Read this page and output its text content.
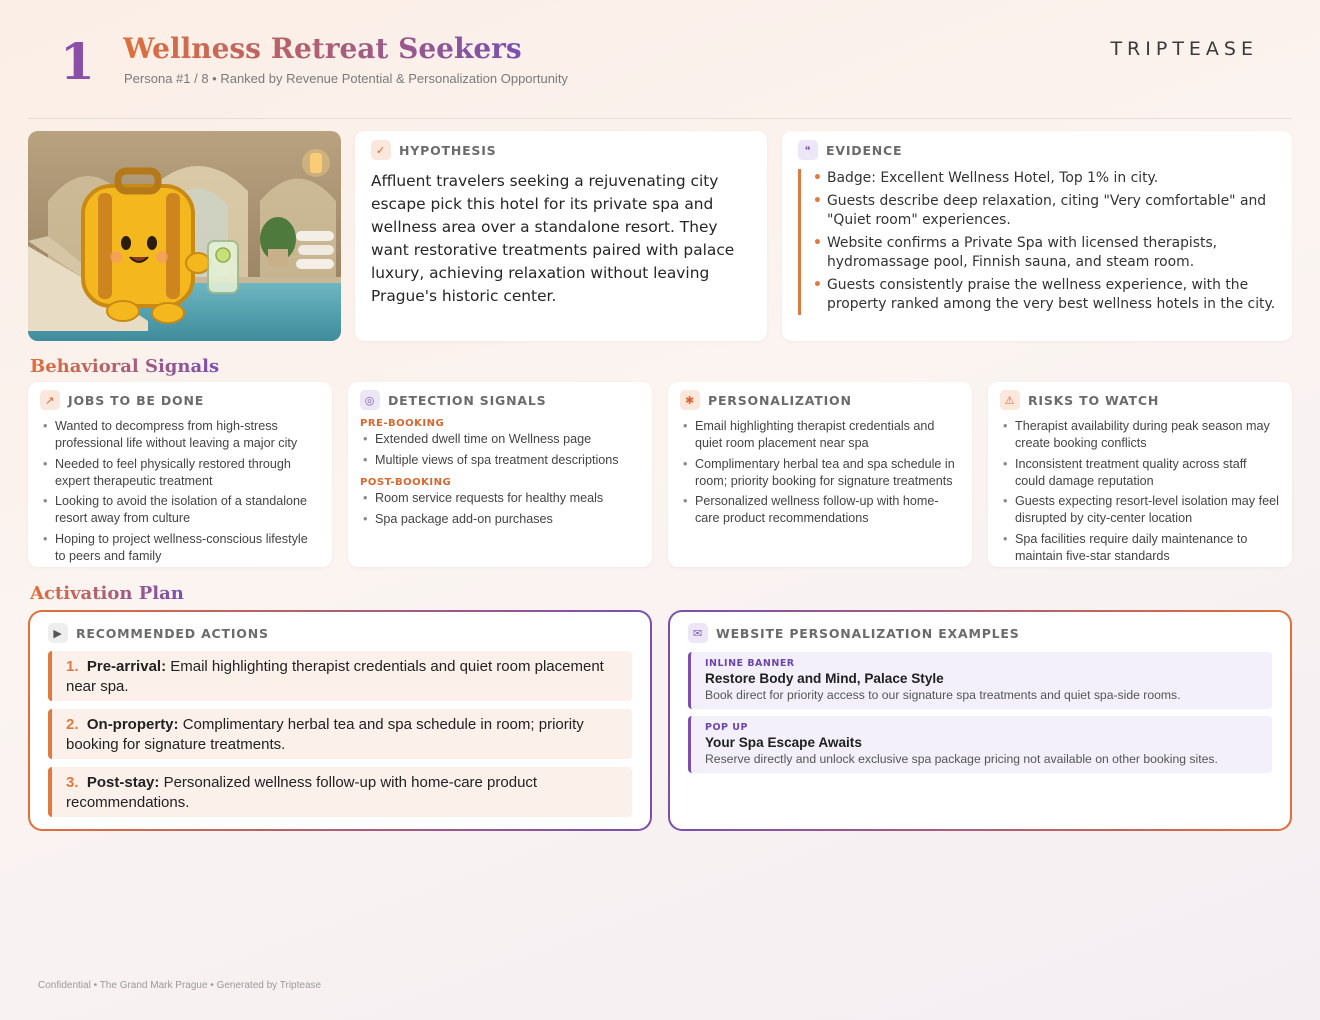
1 Wellness Retreat Seekers
Persona #1 / 8 • Ranked by Revenue Potential & Personalization Opportunity
TRIPTEASE
✓	HYPOTHESIS
Affluent travelers seeking a rejuvenating city escape pick this hotel for its private spa and wellness area over a standalone resort. They want restorative treatments paired with palace luxury, achieving relaxation without leaving Prague's historic center.
❝	EVIDENCE
• Badge: Excellent Wellness Hotel, Top 1% in city.
• Guests describe deep relaxation, citing "Very comfortable" and "Quiet room" experiences.
• Website confirms a Private Spa with licensed therapists, hydromassage pool, Finnish sauna, and steam room.
• Guests consistently praise the wellness experience, with the property ranked among the very best wellness hotels in the city.
Behavioral Signals
↗	JOBS TO BE DONE
• Wanted to decompress from high-stress professional life without leaving a major city
• Needed to feel physically restored through expert therapeutic treatment
• Looking to avoid the isolation of a standalone resort away from culture
• Hoping to project wellness-conscious lifestyle to peers and family
◎	DETECTION SIGNALS
PRE-BOOKING
• Extended dwell time on Wellness page
• Multiple views of spa treatment descriptions
POST-BOOKING
• Room service requests for healthy meals
• Spa package add-on purchases
✱	PERSONALIZATION
• Email highlighting therapist credentials and quiet room placement near spa
• Complimentary herbal tea and spa schedule in room; priority booking for signature treatments
• Personalized wellness follow-up with home-care product recommendations
⚠	RISKS TO WATCH
• Therapist availability during peak season may create booking conflicts
• Inconsistent treatment quality across staff could damage reputation
• Guests expecting resort-level isolation may feel disrupted by city-center location
• Spa facilities require daily maintenance to maintain five-star standards
Activation Plan
▶	RECOMMENDED ACTIONS
1. Pre-arrival: Email highlighting therapist credentials and quiet room placement near spa.
2. On-property: Complimentary herbal tea and spa schedule in room; priority booking for signature treatments.
3. Post-stay: Personalized wellness follow-up with home-care product recommendations.
✉	WEBSITE PERSONALIZATION EXAMPLES
INLINE BANNER
Restore Body and Mind, Palace Style
Book direct for priority access to our signature spa treatments and quiet spa-side rooms.
POP UP
Your Spa Escape Awaits
Reserve directly and unlock exclusive spa package pricing not available on other booking sites.
Confidential • The Grand Mark Prague • Generated by Triptease
